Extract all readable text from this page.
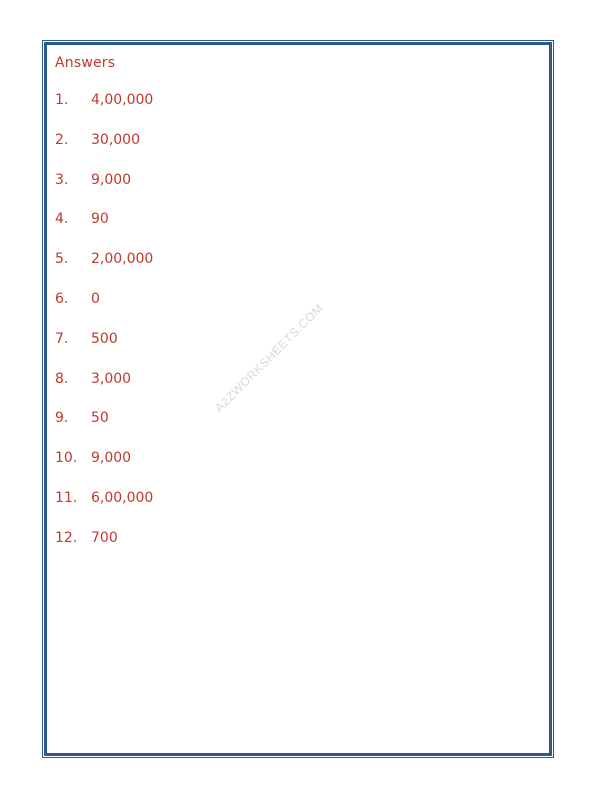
Answers
1.	4,00,000
2.	30,000
3.	9,000
4.	90
5.	2,00,000
6.	0
7.	500
8.	3,000
9.	50
10. 9,000
11. 6,00,000
12. 700
A2ZWORKSHEETS.COM
